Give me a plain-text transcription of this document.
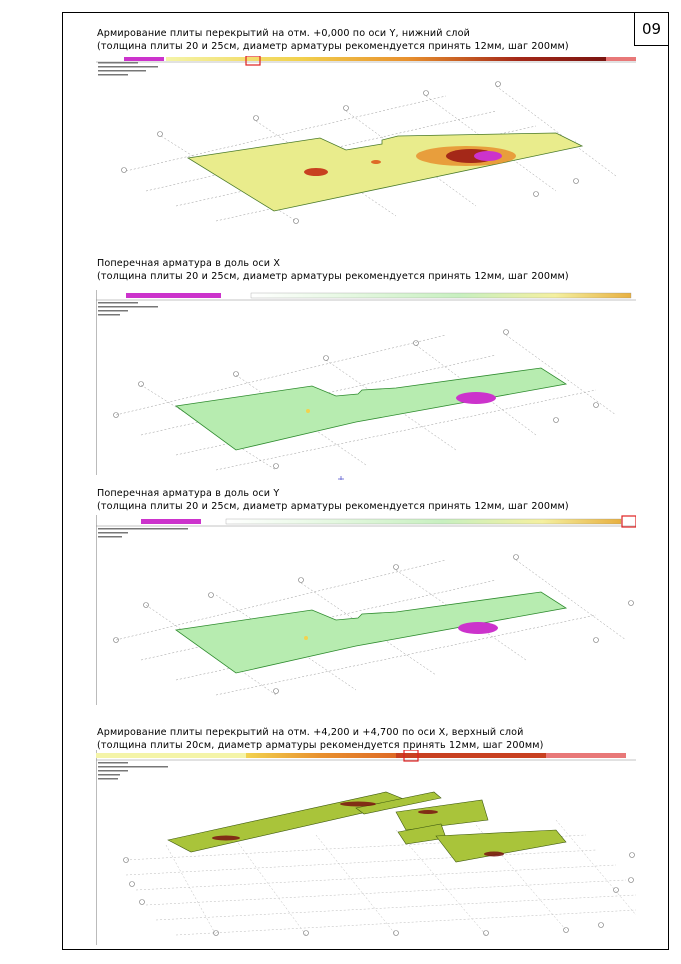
09
Армирование плиты перекрытий на отм. +0,000 по оси Y, нижний слой
(толщина плиты 20 и 25см, диаметр арматуры рекомендуется принять 12мм, шаг 200мм)
Поперечная арматура в доль оси X
(толщина плиты 20 и 25см, диаметр арматуры рекомендуется принять 12мм, шаг 200мм)
Поперечная арматура в доль оси Y
(толщина плиты 20 и 25см, диаметр арматуры рекомендуется принять 12мм, шаг 200мм)
Армирование плиты перекрытий на отм. +4,200 и +4,700 по оси X, верхный слой
(толщина плиты 20см, диаметр арматуры рекомендуется принять 12мм, шаг 200мм)
